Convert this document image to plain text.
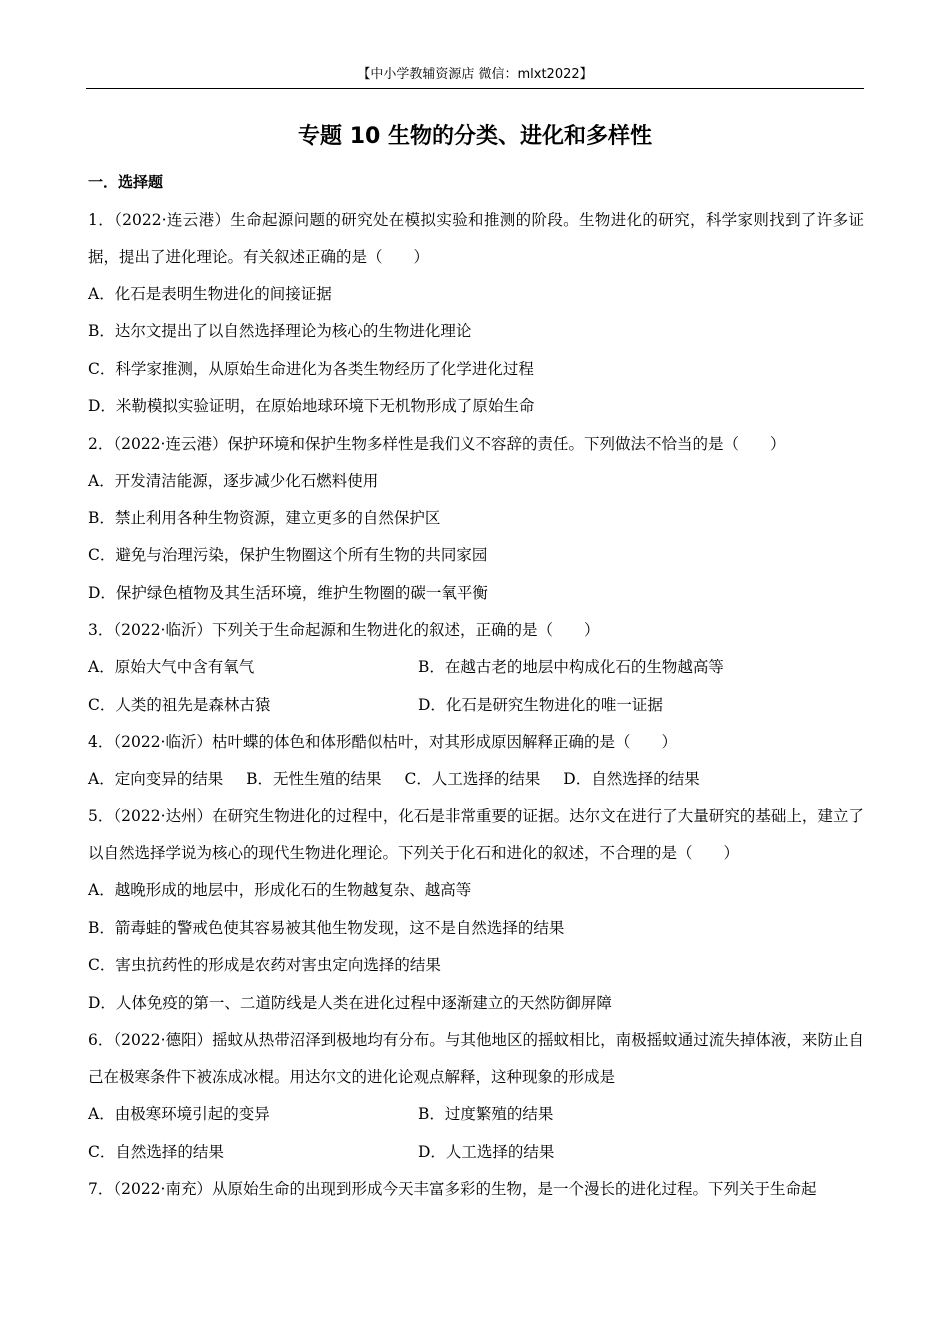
【中小学教辅资源店 微信：mlxt2022】
专题 10 生物的分类、进化和多样性
一．选择题

1．（2022·连云港）生命起源问题的研究处在模拟实验和推测的阶段。生物进化的研究，科学家则找到了许多证据，提出了进化理论。有关叙述正确的是（　　）

A．化石是表明生物进化的间接证据

B．达尔文提出了以自然选择理论为核心的生物进化理论

C．科学家推测，从原始生命进化为各类生物经历了化学进化过程

D．米勒模拟实验证明，在原始地球环境下无机物形成了原始生命

2．（2022·连云港）保护环境和保护生物多样性是我们义不容辞的责任。下列做法不恰当的是（　　）

A．开发清洁能源，逐步减少化石燃料使用

B．禁止利用各种生物资源，建立更多的自然保护区

C．避免与治理污染，保护生物圈这个所有生物的共同家园

D．保护绿色植物及其生活环境，维护生物圈的碳一氧平衡

3．（2022·临沂）下列关于生命起源和生物进化的叙述，正确的是（　　）

A．原始大气中含有氧气	B．在越古老的地层中构成化石的生物越高等
C．人类的祖先是森林古猿	D．化石是研究生物进化的唯一证据

4．（2022·临沂）枯叶蝶的体色和体形酷似枯叶，对其形成原因解释正确的是（　　）

A．定向变异的结果 B．无性生殖的结果 C．人工选择的结果 D．自然选择的结果

5．（2022·达州）在研究生物进化的过程中，化石是非常重要的证据。达尔文在进行了大量研究的基础上，建立了以自然选择学说为核心的现代生物进化理论。下列关于化石和进化的叙述，不合理的是（　　）

A．越晚形成的地层中，形成化石的生物越复杂、越高等

B．箭毒蛙的警戒色使其容易被其他生物发现，这不是自然选择的结果

C．害虫抗药性的形成是农药对害虫定向选择的结果

D．人体免疫的第一、二道防线是人类在进化过程中逐渐建立的天然防御屏障

6．（2022·德阳）摇蚊从热带沼泽到极地均有分布。与其他地区的摇蚊相比，南极摇蚊通过流失掉体液，来防止自己在极寒条件下被冻成冰棍。用达尔文的进化论观点解释，这种现象的形成是

A．由极寒环境引起的变异	B．过度繁殖的结果
C．自然选择的结果	D．人工选择的结果

7．（2022·南充）从原始生命的出现到形成今天丰富多彩的生物，是一个漫长的进化过程。下列关于生命起
